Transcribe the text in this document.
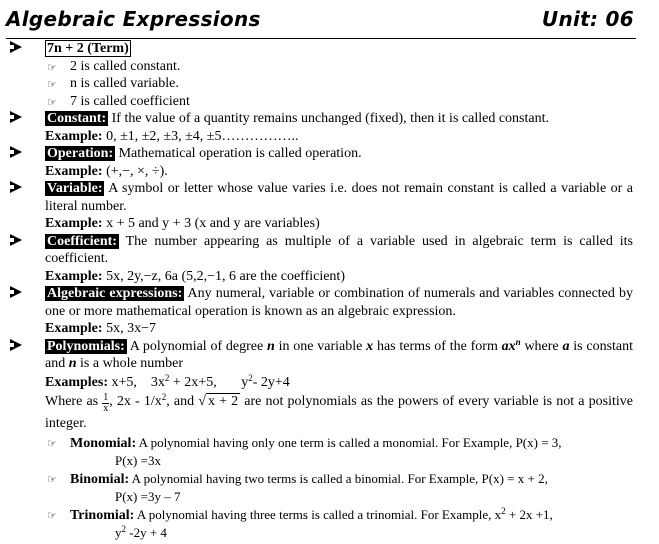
Algebraic Expressions	Unit: 06
7n + 2 (Term)
☞ 2 is called constant.
☞ n is called variable.
☞ 7 is called coefficient
Constant: If the value of a quantity remains unchanged (fixed), then it is called constant.
Example: 0, ±1, ±2, ±3, ±4, ±5……………..
Operation: Mathematical operation is called operation.
Example: (+,−, ×, ÷).
Variable: A symbol or letter whose value varies i.e. does not remain constant is called a variable or a literal number.
Example: x + 5 and y + 3 (x and y are variables)
Coefficient: The number appearing as multiple of a variable used in algebraic term is called its coefficient.
Example: 5x, 2y,−z, 6a (5,2,−1, 6 are the coefficient)
Algebraic expressions: Any numeral, variable or combination of numerals and variables connected by one or more mathematical operation is known as an algebraic expression.
Example: 5x, 3x−7
Polynomials: A polynomial of degree n in one variable x has terms of the form $ax^n$ where a is constant and n is a whole number
Examples: x+5, $3x^2 + 2x+5$, $y^2-$ 2y+4
Where as $\frac{1}{x}$ , $2x - 1/x^2$, and √ x + 2 are not polynomials as the powers of every variable is not a positive integer.
☞ Monomial: A polynomial having only one term is called a monomial. For Example, P(x) = 3,
P(x) =3x
☞ Binomial: A polynomial having two terms is called a binomial. For Example, P(x) = x + 2,
P(x) =3y – 7
☞ Trinomial: A polynomial having three terms is called a trinomial. For Example, $x^2 + 2x +1$,
$y^2$ -2y + 4
